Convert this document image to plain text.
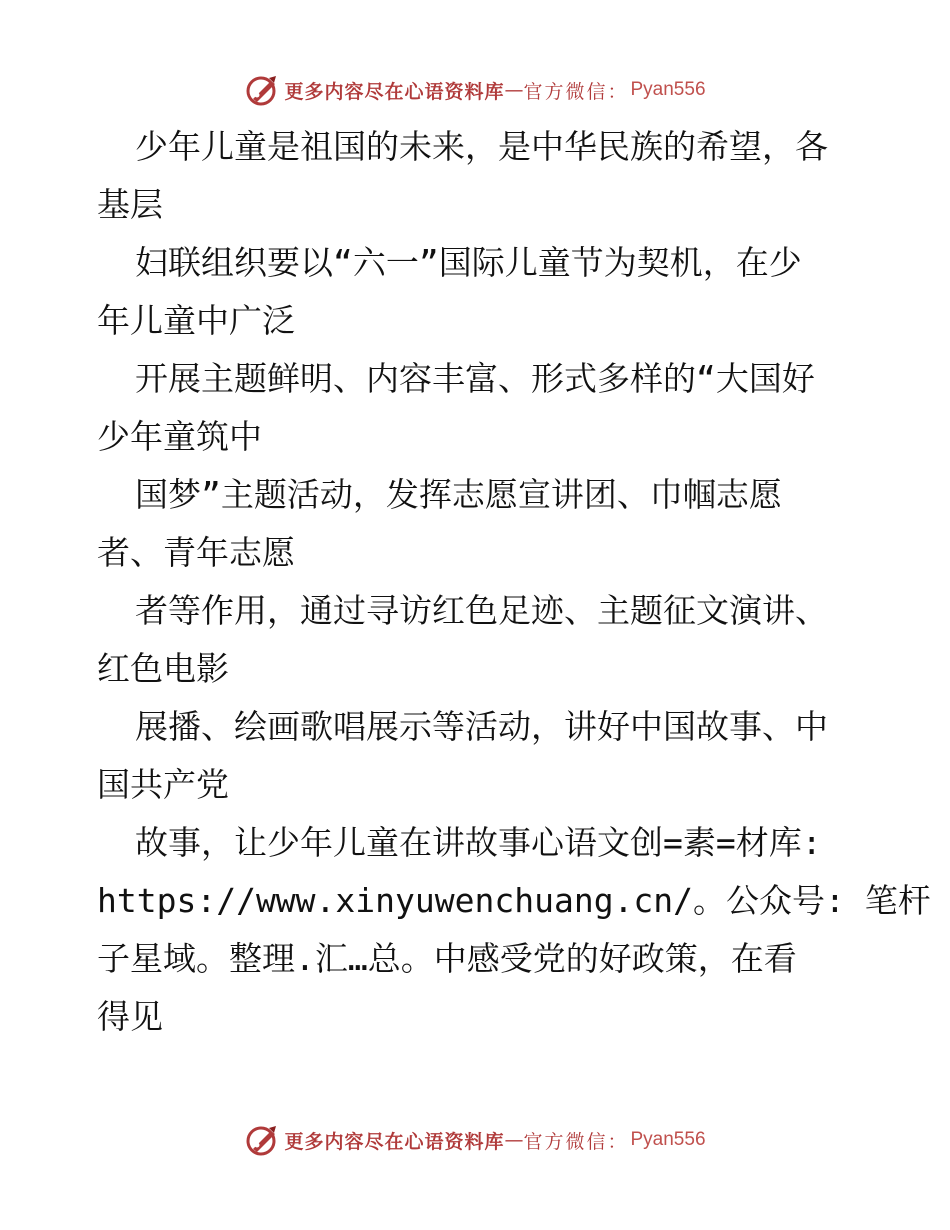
更多内容尽在心语资料库 — 官方微信： Pyan556

少年儿童是祖国的未来，是中华民族的希望，各

基层

妇联组织要以“六一”国际儿童节为契机，在少

年儿童中广泛

开展主题鲜明、内容丰富、形式多样的“大国好

少年童筑中

国梦”主题活动，发挥志愿宣讲团、巾帼志愿

者、青年志愿

者等作用，通过寻访红色足迹、主题征文演讲、

红色电影

展播、绘画歌唱展示等活动，讲好中国故事、中

国共产党

故事，让少年儿童在讲故事心语文创=素=材库:

https://www.xinyuwenchuang.cn/。公众号: 笔杆

子星域。整理.汇…总。中感受党的好政策，在看

得见

更多内容尽在心语资料库 — 官方微信： Pyan556
